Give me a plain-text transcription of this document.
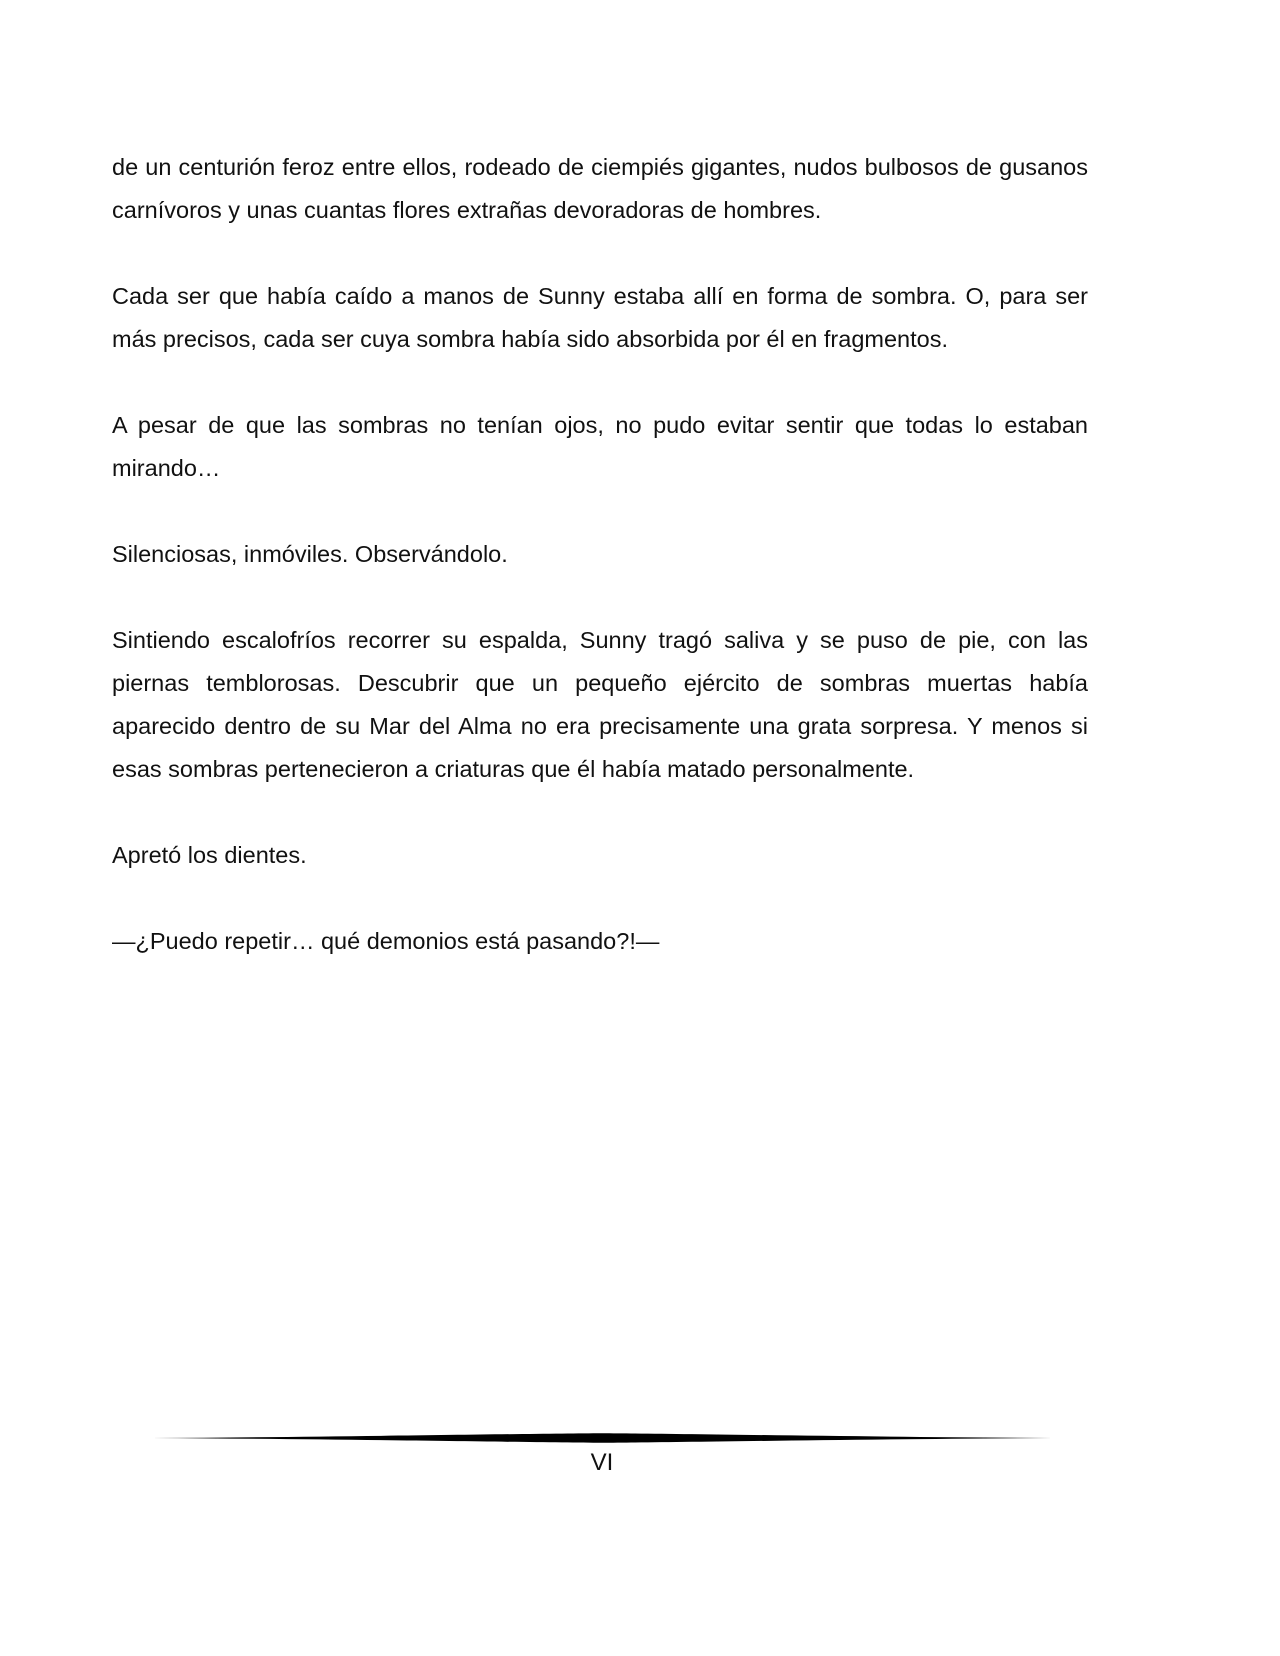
de un centurión feroz entre ellos, rodeado de ciempiés gigantes, nudos bulbosos de gusanos carnívoros y unas cuantas flores extrañas devoradoras de hombres.

Cada ser que había caído a manos de Sunny estaba allí en forma de sombra. O, para ser más precisos, cada ser cuya sombra había sido absorbida por él en fragmentos.

A pesar de que las sombras no tenían ojos, no pudo evitar sentir que todas lo estaban mirando…

Silenciosas, inmóviles. Observándolo.

Sintiendo escalofríos recorrer su espalda, Sunny tragó saliva y se puso de pie, con las piernas temblorosas. Descubrir que un pequeño ejército de sombras muertas había aparecido dentro de su Mar del Alma no era precisamente una grata sorpresa. Y menos si esas sombras pertenecieron a criaturas que él había matado personalmente.

Apretó los dientes.

—¿Puedo repetir… qué demonios está pasando?!—

VI
